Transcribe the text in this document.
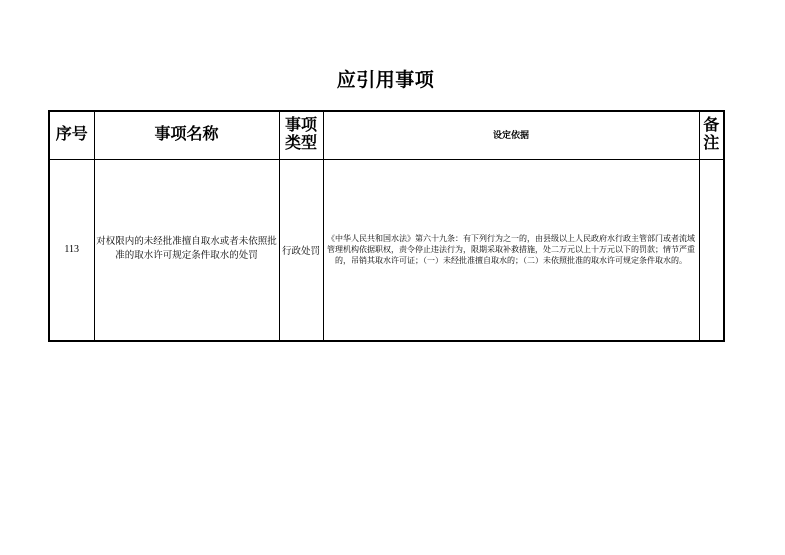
应引用事项
序号	事项名称	事项类型	设定依据	备注
113	对权限内的未经批准擅自取水或者未依照批准的取水许可规定条件取水的处罚	行政处罚	《中华人民共和国水法》第六十九条：有下列行为之一的，由县级以上人民政府水行政主管部门或者流域管理机构依据职权，责令停止违法行为，限期采取补救措施，处二万元以上十万元以下的罚款；情节严重的，吊销其取水许可证；（一）未经批准擅自取水的；（二）未依照批准的取水许可规定条件取水的。	
